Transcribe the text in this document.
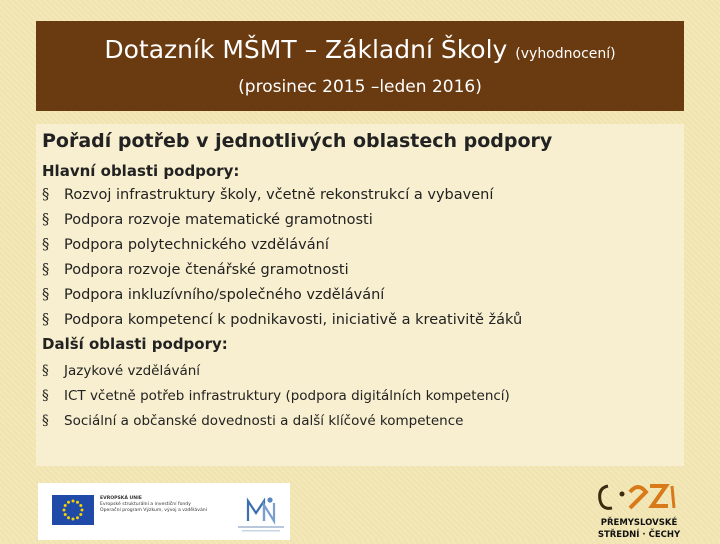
Dotazník MŠMT – Základní Školy (vyhodnocení)
(prosinec 2015 –leden 2016)
Pořadí potřeb v jednotlivých oblastech podpory
Hlavní oblasti podpory:
§ Rozvoj infrastruktury školy, včetně rekonstrukcí a vybavení
§ Podpora rozvoje matematické gramotnosti
§ Podpora polytechnického vzdělávání
§ Podpora rozvoje čtenářské gramotnosti
§ Podpora inkluzívního/společného vzdělávání
§ Podpora kompetencí k podnikavosti, iniciativě a kreativitě žáků
Další oblasti podpory:
§ Jazykové vzdělávání
§ ICT včetně potřeb infrastruktury (podpora digitálních kompetencí)
§ Sociální a občanské dovednosti a další klíčové kompetence
EVROPSKÁ UNIE
Evropské strukturální a investiční fondy
Operační program Výzkum, vývoj a vzdělávání
PŘEMYSLOVSKÉ
STŘEDNÍ · ČECHY
